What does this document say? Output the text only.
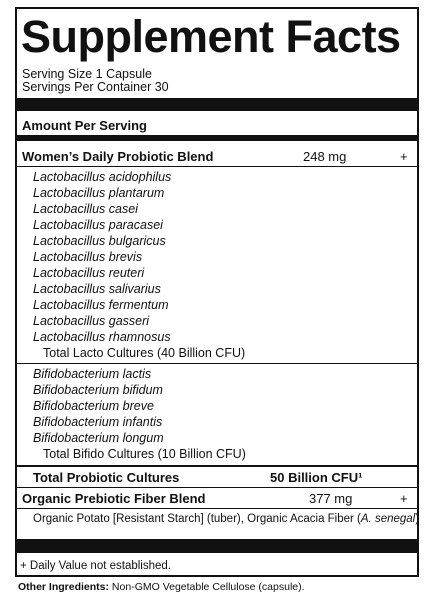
Supplement Facts
Serving Size 1 Capsule
Servings Per Container 30
Amount Per Serving
Women’s Daily Probiotic Blend	248 mg	+
Lactobacillus acidophilus
Lactobacillus plantarum
Lactobacillus casei
Lactobacillus paracasei
Lactobacillus bulgaricus
Lactobacillus brevis
Lactobacillus reuteri
Lactobacillus salivarius
Lactobacillus fermentum
Lactobacillus gasseri
Lactobacillus rhamnosus
Total Lacto Cultures (40 Billion CFU)
Bifidobacterium lactis
Bifidobacterium bifidum
Bifidobacterium breve
Bifidobacterium infantis
Bifidobacterium longum
Total Bifido Cultures (10 Billion CFU)
Total Probiotic Cultures	50 Billion CFU¹
Organic Prebiotic Fiber Blend	377 mg	+
Organic Potato [Resistant Starch] (tuber), Organic Acacia Fiber (A. senegal)
+ Daily Value not established.
Other Ingredients: Non-GMO Vegetable Cellulose (capsule).
